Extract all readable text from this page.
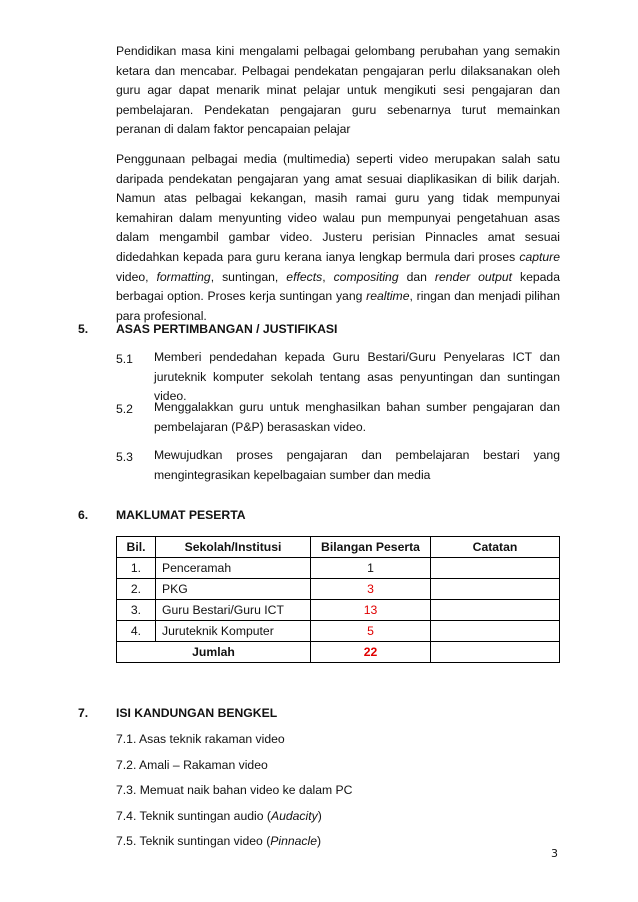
Pendidikan masa kini mengalami pelbagai gelombang perubahan yang semakin ketara dan mencabar. Pelbagai pendekatan pengajaran perlu dilaksanakan oleh guru agar dapat menarik minat pelajar untuk mengikuti sesi pengajaran dan pembelajaran. Pendekatan pengajaran guru sebenarnya turut memainkan peranan di dalam faktor pencapaian pelajar

Penggunaan pelbagai media (multimedia) seperti video merupakan salah satu daripada pendekatan pengajaran yang amat sesuai diaplikasikan di bilik darjah. Namun atas pelbagai kekangan, masih ramai guru yang tidak mempunyai kemahiran dalam menyunting video walau pun mempunyai pengetahuan asas dalam mengambil gambar video. Justeru perisian Pinnacles amat sesuai didedahkan kepada para guru kerana ianya lengkap bermula dari proses capture video, formatting, suntingan, effects, compositing dan render output kepada berbagai option. Proses kerja suntingan yang realtime, ringan dan menjadi pilihan para profesional.

5. ASAS PERTIMBANGAN / JUSTIFIKASI
5.1 Memberi pendedahan kepada Guru Bestari/Guru Penyelaras ICT dan juruteknik komputer sekolah tentang asas penyuntingan dan suntingan video.

5.2 Menggalakkan guru untuk menghasilkan bahan sumber pengajaran dan pembelajaran (P&P) berasaskan video.

5.3 Mewujudkan proses pengajaran dan pembelajaran bestari yang mengintegrasikan kepelbagaian sumber dan media

6. MAKLUMAT PESERTA
Bil.	Sekolah/Institusi	Bilangan Peserta	Catatan
1.	Penceramah	1	
2.	PKG	3	
3.	Guru Bestari/Guru ICT	13	
4.	Juruteknik Komputer	5	
Jumlah		22	
7. ISI KANDUNGAN BENGKEL

7.1. Asas teknik rakaman video

7.2. Amali – Rakaman video

7.3. Memuat naik bahan video ke dalam PC

7.4. Teknik suntingan audio (Audacity)

7.5. Teknik suntingan video (Pinnacle)

3
